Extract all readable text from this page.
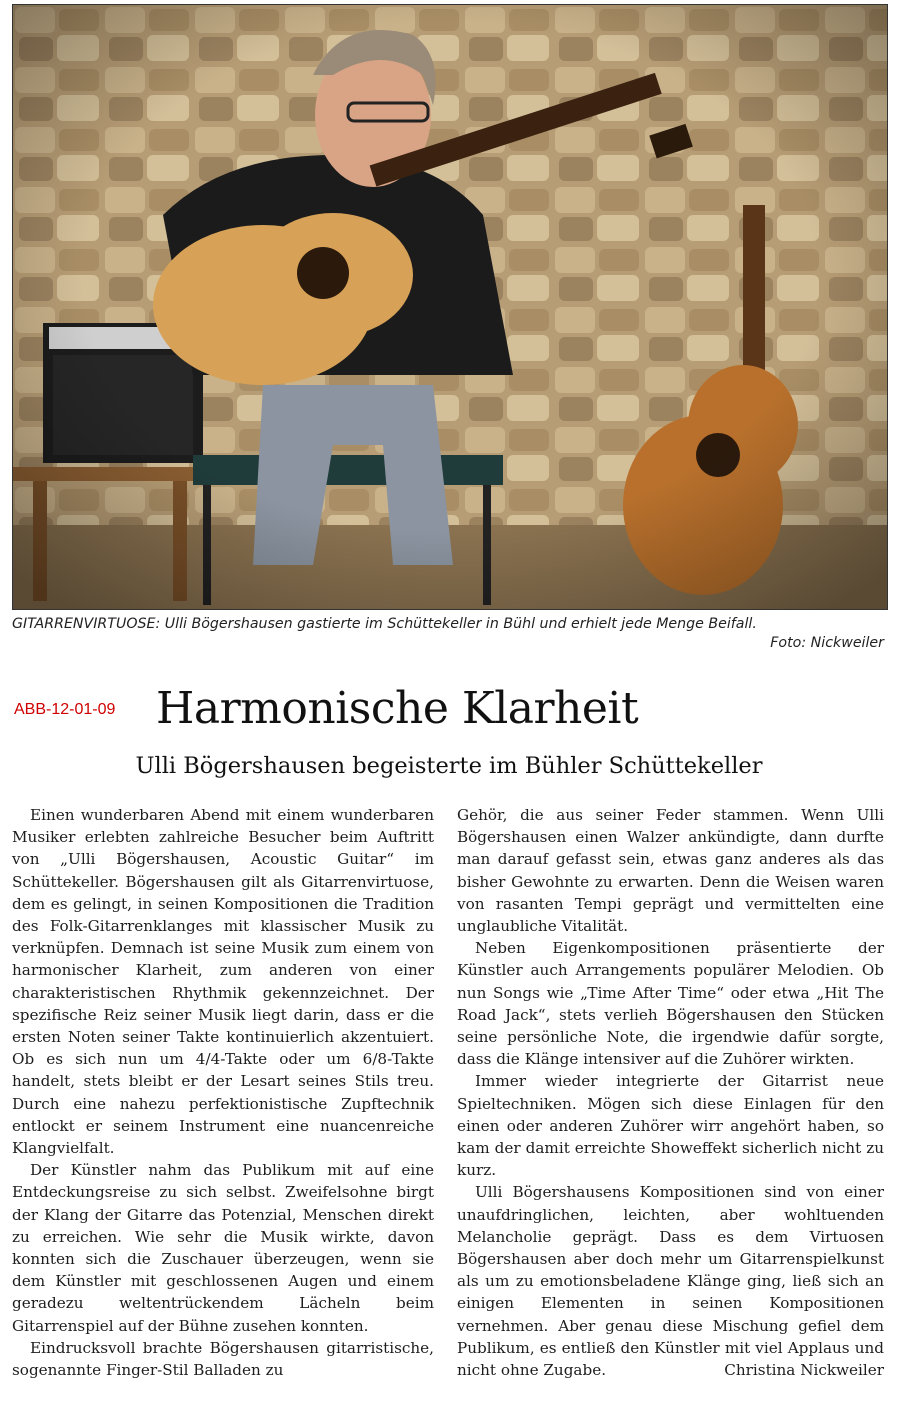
GITARRENVIRTUOSE: Ulli Bögershausen gastierte im Schüttekeller in Bühl und erhielt jede Menge Beifall.
Foto: Nickweiler
ABB-12-01-09 Harmonische Klarheit
Ulli Bögershausen begeisterte im Bühler Schüttekeller

Einen wunderbaren Abend mit einem wunderbaren Musiker erlebten zahlreiche Besucher beim Auftritt von „Ulli Bögershausen, Acoustic Guitar“ im Schüttekeller. Bögershausen gilt als Gitarrenvirtuose, dem es gelingt, in seinen Kompositionen die Tradition des Folk-Gitarrenklanges mit klassischer Musik zu verknüpfen. Demnach ist seine Musik zum einem von harmonischer Klarheit, zum anderen von einer charakteristischen Rhythmik gekennzeichnet. Der spezifische Reiz seiner Musik liegt darin, dass er die ersten Noten seiner Takte kontinuierlich akzentuiert. Ob es sich nun um 4/4-Takte oder um 6/8-Takte handelt, stets bleibt er der Lesart seines Stils treu. Durch eine nahezu perfektionistische Zupftechnik entlockt er seinem Instrument eine nuancenreiche Klangvielfalt.

Der Künstler nahm das Publikum mit auf eine Entdeckungsreise zu sich selbst. Zweifelsohne birgt der Klang der Gitarre das Potenzial, Menschen direkt zu erreichen. Wie sehr die Musik wirkte, davon konnten sich die Zuschauer überzeugen, wenn sie dem Künstler mit geschlossenen Augen und einem geradezu weltentrückendem Lächeln beim Gitarrenspiel auf der Bühne zusehen konnten.

Eindrucksvoll brachte Bögershausen gitarristische, sogenannte Finger-Stil Balladen zu

Gehör, die aus seiner Feder stammen. Wenn Ulli Bögershausen einen Walzer ankündigte, dann durfte man darauf gefasst sein, etwas ganz anderes als das bisher Gewohnte zu erwarten. Denn die Weisen waren von rasanten Tempi geprägt und vermittelten eine unglaubliche Vitalität.

Neben Eigenkompositionen präsentierte der Künstler auch Arrangements populärer Melodien. Ob nun Songs wie „Time After Time“ oder etwa „Hit The Road Jack“, stets verlieh Bögershausen den Stücken seine persönliche Note, die irgendwie dafür sorgte, dass die Klänge intensiver auf die Zuhörer wirkten.

Immer wieder integrierte der Gitarrist neue Spieltechniken. Mögen sich diese Einlagen für den einen oder anderen Zuhörer wirr angehört haben, so kam der damit erreichte Showeffekt sicherlich nicht zu kurz.

Ulli Bögershausens Kompositionen sind von einer unaufdringlichen, leichten, aber wohltuenden Melancholie geprägt. Dass es dem Virtuosen Bögershausen aber doch mehr um Gitarrenspielkunst als um zu emotionsbeladene Klänge ging, ließ sich an einigen Elementen in seinen Kompositionen vernehmen. Aber genau diese Mischung gefiel dem Publikum, es entließ den Künstler mit viel Applaus und nicht ohne Zugabe.	Christina Nickweiler
